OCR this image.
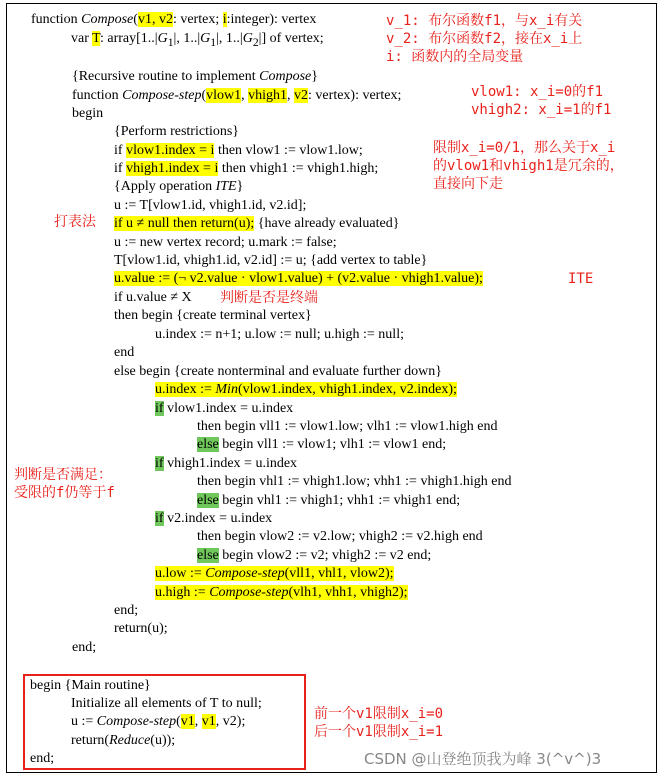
function Compose(v1, v2: vertex; i:integer): vertex
var T: $array[1..|G_1|$, $1..|G_1|$, $1..|G_2|$] of vertex;
{Recursive routine to implement Compose}
function Compose-step(vlow1, vhigh1, v2: vertex): vertex;
begin
{Perform restrictions}
if vlow1.index = i then vlow1 := vlow1.low;
if vhigh1.index = i then vhigh1 := vhigh1.high;
{Apply operation ITE}
u := T[vlow1.id, vhigh1.id, v2.id];
if u ≠ null then return(u); {have already evaluated}
u := new vertex record; u.mark := false;
T[vlow1.id, vhigh1.id, v2.id] := u; {add vertex to table}
u.value := (¬ v2.value · vlow1.value) + (v2.value · vhigh1.value);
if u.value ≠ X
then begin {create terminal vertex}
u.index := n+1; u.low := null; u.high := null;
end
else begin {create nonterminal and evaluate further down}
u.index := Min(vlow1.index, vhigh1.index, v2.index);
if vlow1.index = u.index
then begin vll1 := vlow1.low; vlh1 := vlow1.high end
else begin vll1 := vlow1; vlh1 := vlow1 end;
if vhigh1.index = u.index
then begin vhl1 := vhigh1.low; vhh1 := vhigh1.high end
else begin vhl1 := vhigh1; vhh1 := vhigh1 end;
if v2.index = u.index
then begin vlow2 := v2.low; vhigh2 := v2.high end
else begin vlow2 := v2; vhigh2 := v2 end;
u.low := Compose-step(vll1, vhl1, vlow2);
u.high := Compose-step(vlh1, vhh1, vhigh2);
end;
return(u);
end;
begin {Main routine}
Initialize all elements of T to null;
u := Compose-step(v1, v1, v2);
return(Reduce(u));
end;
v_1: 布尔函数f1，与x_i有关
v_2: 布尔函数f2，接在x_i上
i: 函数内的全局变量
vlow1: x_i=0的f1
vhigh2: x_i=1的f1
限制x_i=0/1，那么关于x_i
的vlow1和vhigh1是冗余的，
直接向下走
打表法
ITE
判断是否是终端
判断是否满足：
受限的f仍等于f
前一个v1限制x_i=0
后一个v1限制x_i=1
CSDN @山登绝顶我为峰 3(^v^)3
